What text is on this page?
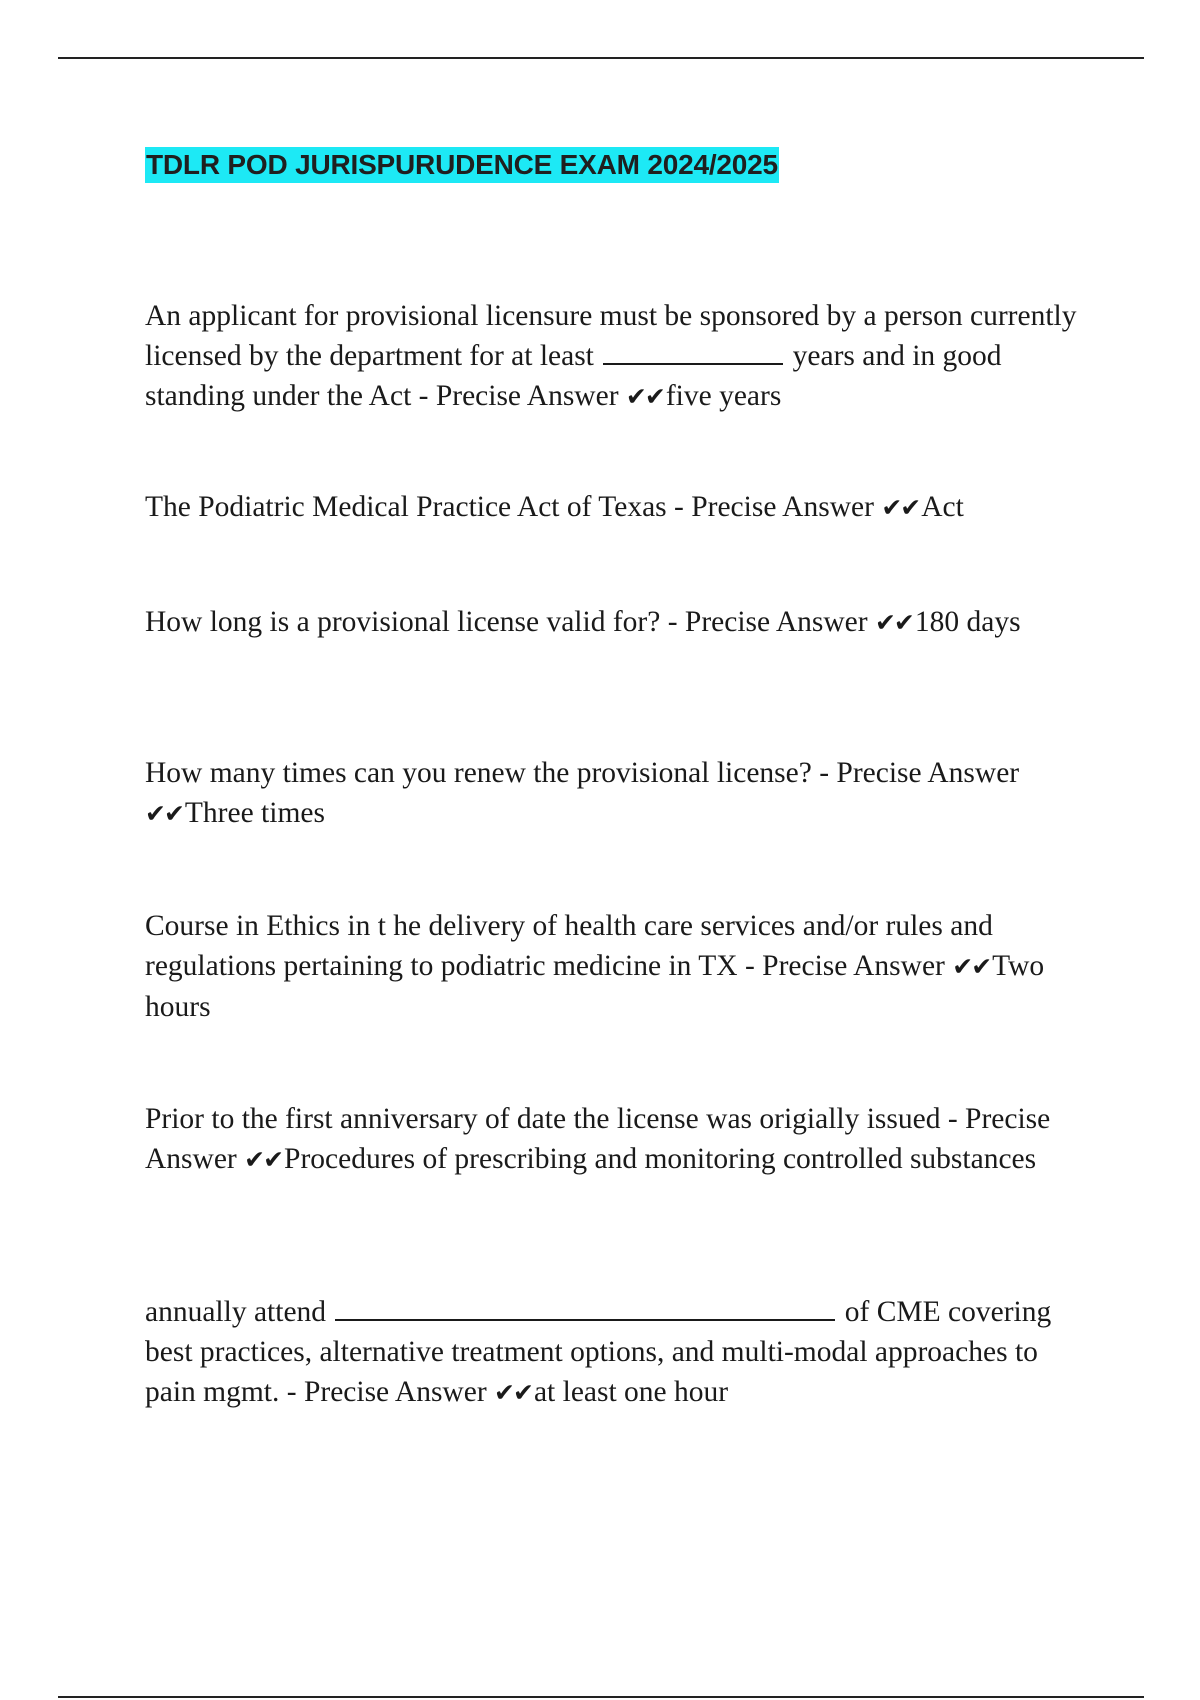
TDLR POD JURISPURUDENCE EXAM 2024/2025

An applicant for provisional licensure must be sponsored by a person currently licensed by the department for at least	years and in good standing under the Act - Precise Answer ✔✔five years

The Podiatric Medical Practice Act of Texas - Precise Answer ✔✔Act

How long is a provisional license valid for? - Precise Answer ✔✔180 days

How many times can you renew the provisional license? - Precise Answer ✔✔Three times

Course in Ethics in t he delivery of health care services and/or rules and regulations pertaining to podiatric medicine in TX - Precise Answer ✔✔Two hours

Prior to the first anniversary of date the license was origially issued - Precise Answer ✔✔Procedures of prescribing and monitoring controlled substances

annually attend	of CME covering best practices, alternative treatment options, and multi-modal approaches to pain mgmt. - Precise Answer ✔✔at least one hour
